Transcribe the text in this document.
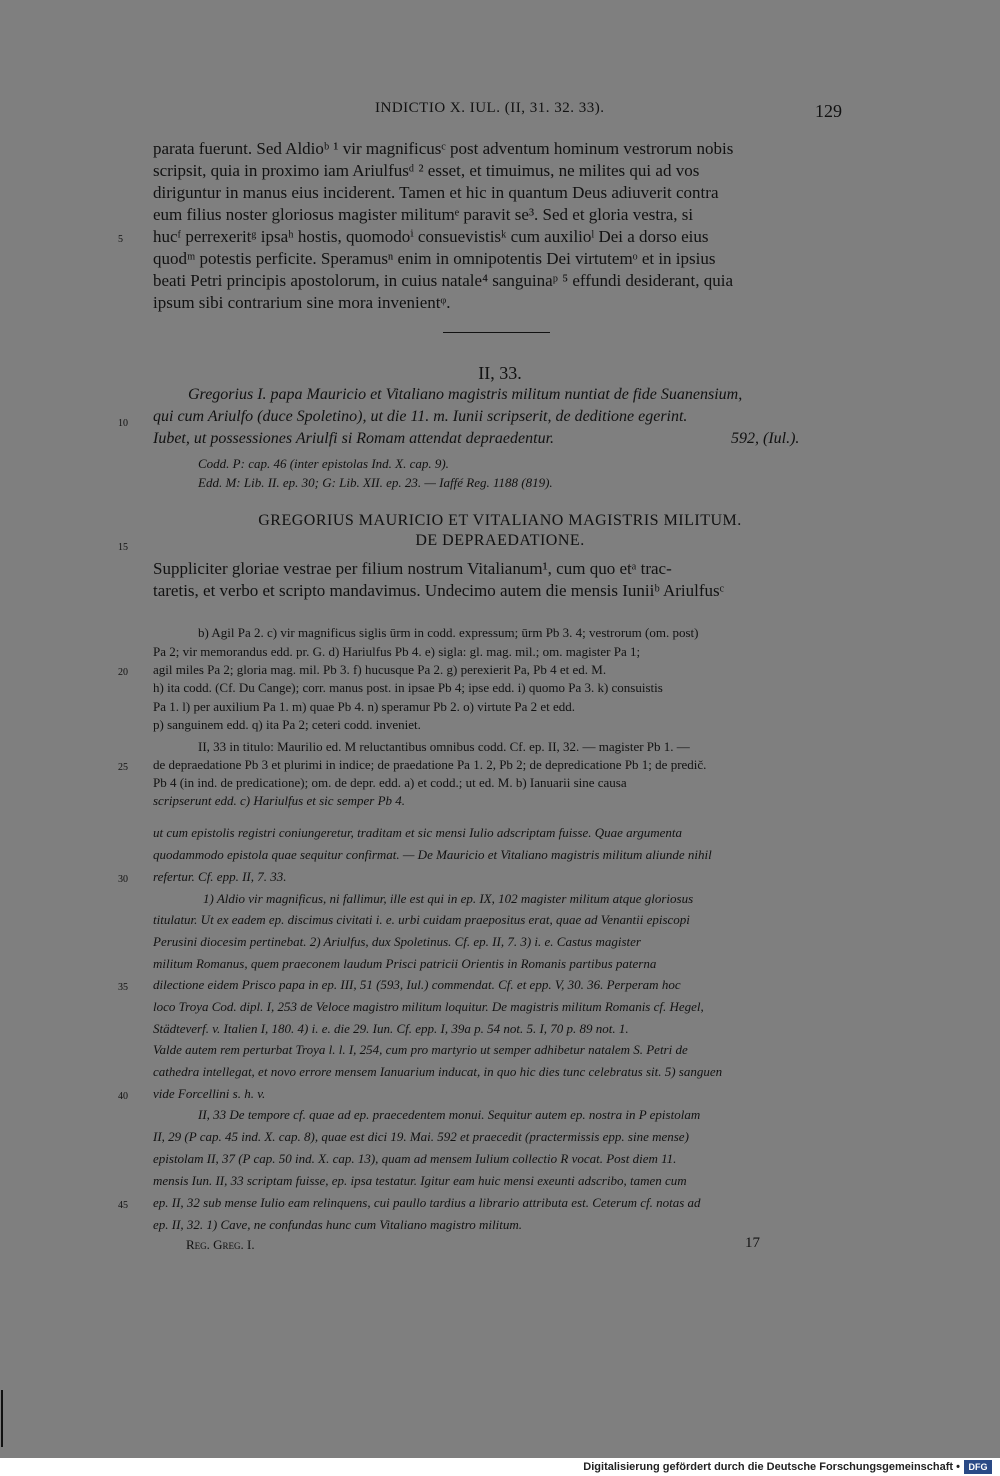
INDICTIO X. IUL. (II, 31. 32. 33).	129
parata fuerunt. Sed Aldioᵇ ¹ vir magnificusᶜ post adventum hominum vestrorum nobis
scripsit, quia in proximo iam Ariulfusᵈ ² esset, et timuimus, ne milites qui ad vos
diriguntur in manus eius inciderent. Tamen et hic in quantum Deus adiuverit contra
eum filius noster gloriosus magister militumᵉ paravit se³. Sed et gloria vestra, si
hucᶠ perrexeritᵍ ipsaʰ hostis, quomodoⁱ consuevistisᵏ cum auxilioˡ Dei a dorso eius
quodᵐ potestis perficite. Speramusⁿ enim in omnipotentis Dei virtutemᵒ et in ipsius
beati Petri principis apostolorum, in cuius natale⁴ sanguinaᵖ ⁵ effundi desiderant, quia
ipsum sibi contrarium sine mora invenientᵠ.
II, 33.
Gregorius I. papa Mauricio et Vitaliano magistris militum nuntiat de fide Suanensium,
qui cum Ariulfo (duce Spoletino), ut die 11. m. Iunii scripserit, de deditione egerint.
Iubet, ut possessiones Ariulfi si Romam attendat depraedentur.	592, (Iul.).
Codd. P: cap. 46 (inter epistolas Ind. X. cap. 9).
Edd. M: Lib. II. ep. 30; G: Lib. XII. ep. 23. — Iaffé Reg. 1188 (819).
GREGORIUS MAURICIO ET VITALIANO MAGISTRIS MILITUM.
DE DEPRAEDATIONE.
Suppliciter gloriae vestrae per filium nostrum Vitalianum¹, cum quo etᵃ trac-
taretis, et verbo et scripto mandavimus. Undecimo autem die mensis Iuniiᵇ Ariulfusᶜ
b) Agil Pa 2. c) vir magnificus siglis ūrm in codd. expressum; ūrm Pb 3. 4; vestrorum (om. post)
Pa 2; vir memorandus edd. pr. G. d) Hariulfus Pb 4. e) sigla: gl. mag. mil.; om. magister Pa 1;
agil miles Pa 2; gloria mag. mil. Pb 3. f) hucusque Pa 2. g) perexierit Pa, Pb 4 et ed. M.
h) ita codd. (Cf. Du Cange); corr. manus post. in ipsae Pb 4; ipse edd. i) quomo Pa 3. k) consuistis
Pa 1. l) per auxilium Pa 1. m) quae Pb 4. n) speramur Pb 2. o) virtute Pa 2 et edd.
p) sanguinem edd. q) ita Pa 2; ceteri codd. inveniet.
II, 33 in titulo: Maurilio ed. M reluctantibus omnibus codd. Cf. ep. II, 32. — magister Pb 1. —
de depraedatione Pb 3 et plurimi in indice; de praedatione Pa 1. 2, Pb 2; de depredicatione Pb 1; de predič.
Pb 4 (in ind. de predicatione); om. de depr. edd. a) et codd.; ut ed. M. b) Ianuarii sine causa
scripserunt edd. c) Hariulfus et sic semper Pb 4.
ut cum epistolis registri coniungeretur, traditam et sic mensi Iulio adscriptam fuisse. Quae argumenta
quodammodo epistola quae sequitur confirmat. — De Mauricio et Vitaliano magistris militum aliunde nihil
refertur. Cf. epp. II, 7. 33.
1) Aldio vir magnificus, ni fallimur, ille est qui in ep. IX, 102 magister militum atque gloriosus
titulatur. Ut ex eadem ep. discimus civitati i. e. urbi cuidam praepositus erat, quae ad Venantii episcopi
Perusini diocesim pertinebat. 2) Ariulfus, dux Spoletinus. Cf. ep. II, 7. 3) i. e. Castus magister
militum Romanus, quem praeconem laudum Prisci patricii Orientis in Romanis partibus paterna
dilectione eidem Prisco papa in ep. III, 51 (593, Iul.) commendat. Cf. et epp. V, 30. 36. Perperam hoc
loco Troya Cod. dipl. I, 253 de Veloce magistro militum loquitur. De magistris militum Romanis cf. Hegel,
Städteverf. v. Italien I, 180. 4) i. e. die 29. Iun. Cf. epp. I, 39a p. 54 not. 5. I, 70 p. 89 not. 1.
Valde autem rem perturbat Troya l. l. I, 254, cum pro martyrio ut semper adhibetur natalem S. Petri de
cathedra intellegat, et novo errore mensem Ianuarium inducat, in quo hic dies tunc celebratus sit. 5) sanguen
vide Forcellini s. h. v.
II, 33 De tempore cf. quae ad ep. praecedentem monui. Sequitur autem ep. nostra in P epistolam
II, 29 (P cap. 45 ind. X. cap. 8), quae est dici 19. Mai. 592 et praecedit (practermissis epp. sine mense)
epistolam II, 37 (P cap. 50 ind. X. cap. 13), quam ad mensem Iulium collectio R vocat. Post diem 11.
mensis Iun. II, 33 scriptam fuisse, ep. ipsa testatur. Igitur eam huic mensi exeunti adscribo, tamen cum
ep. II, 32 sub mense Iulio eam relinquens, cui paullo tardius a librario attributa est. Ceterum cf. notas ad
ep. II, 32. 1) Cave, ne confundas hunc cum Vitaliano magistro militum.
Reg. Greg. I.	17
5
10
15
20
25
30
35
40
45
Digitalisierung gefördert durch die Deutsche Forschungsgemeinschaft • DFG
